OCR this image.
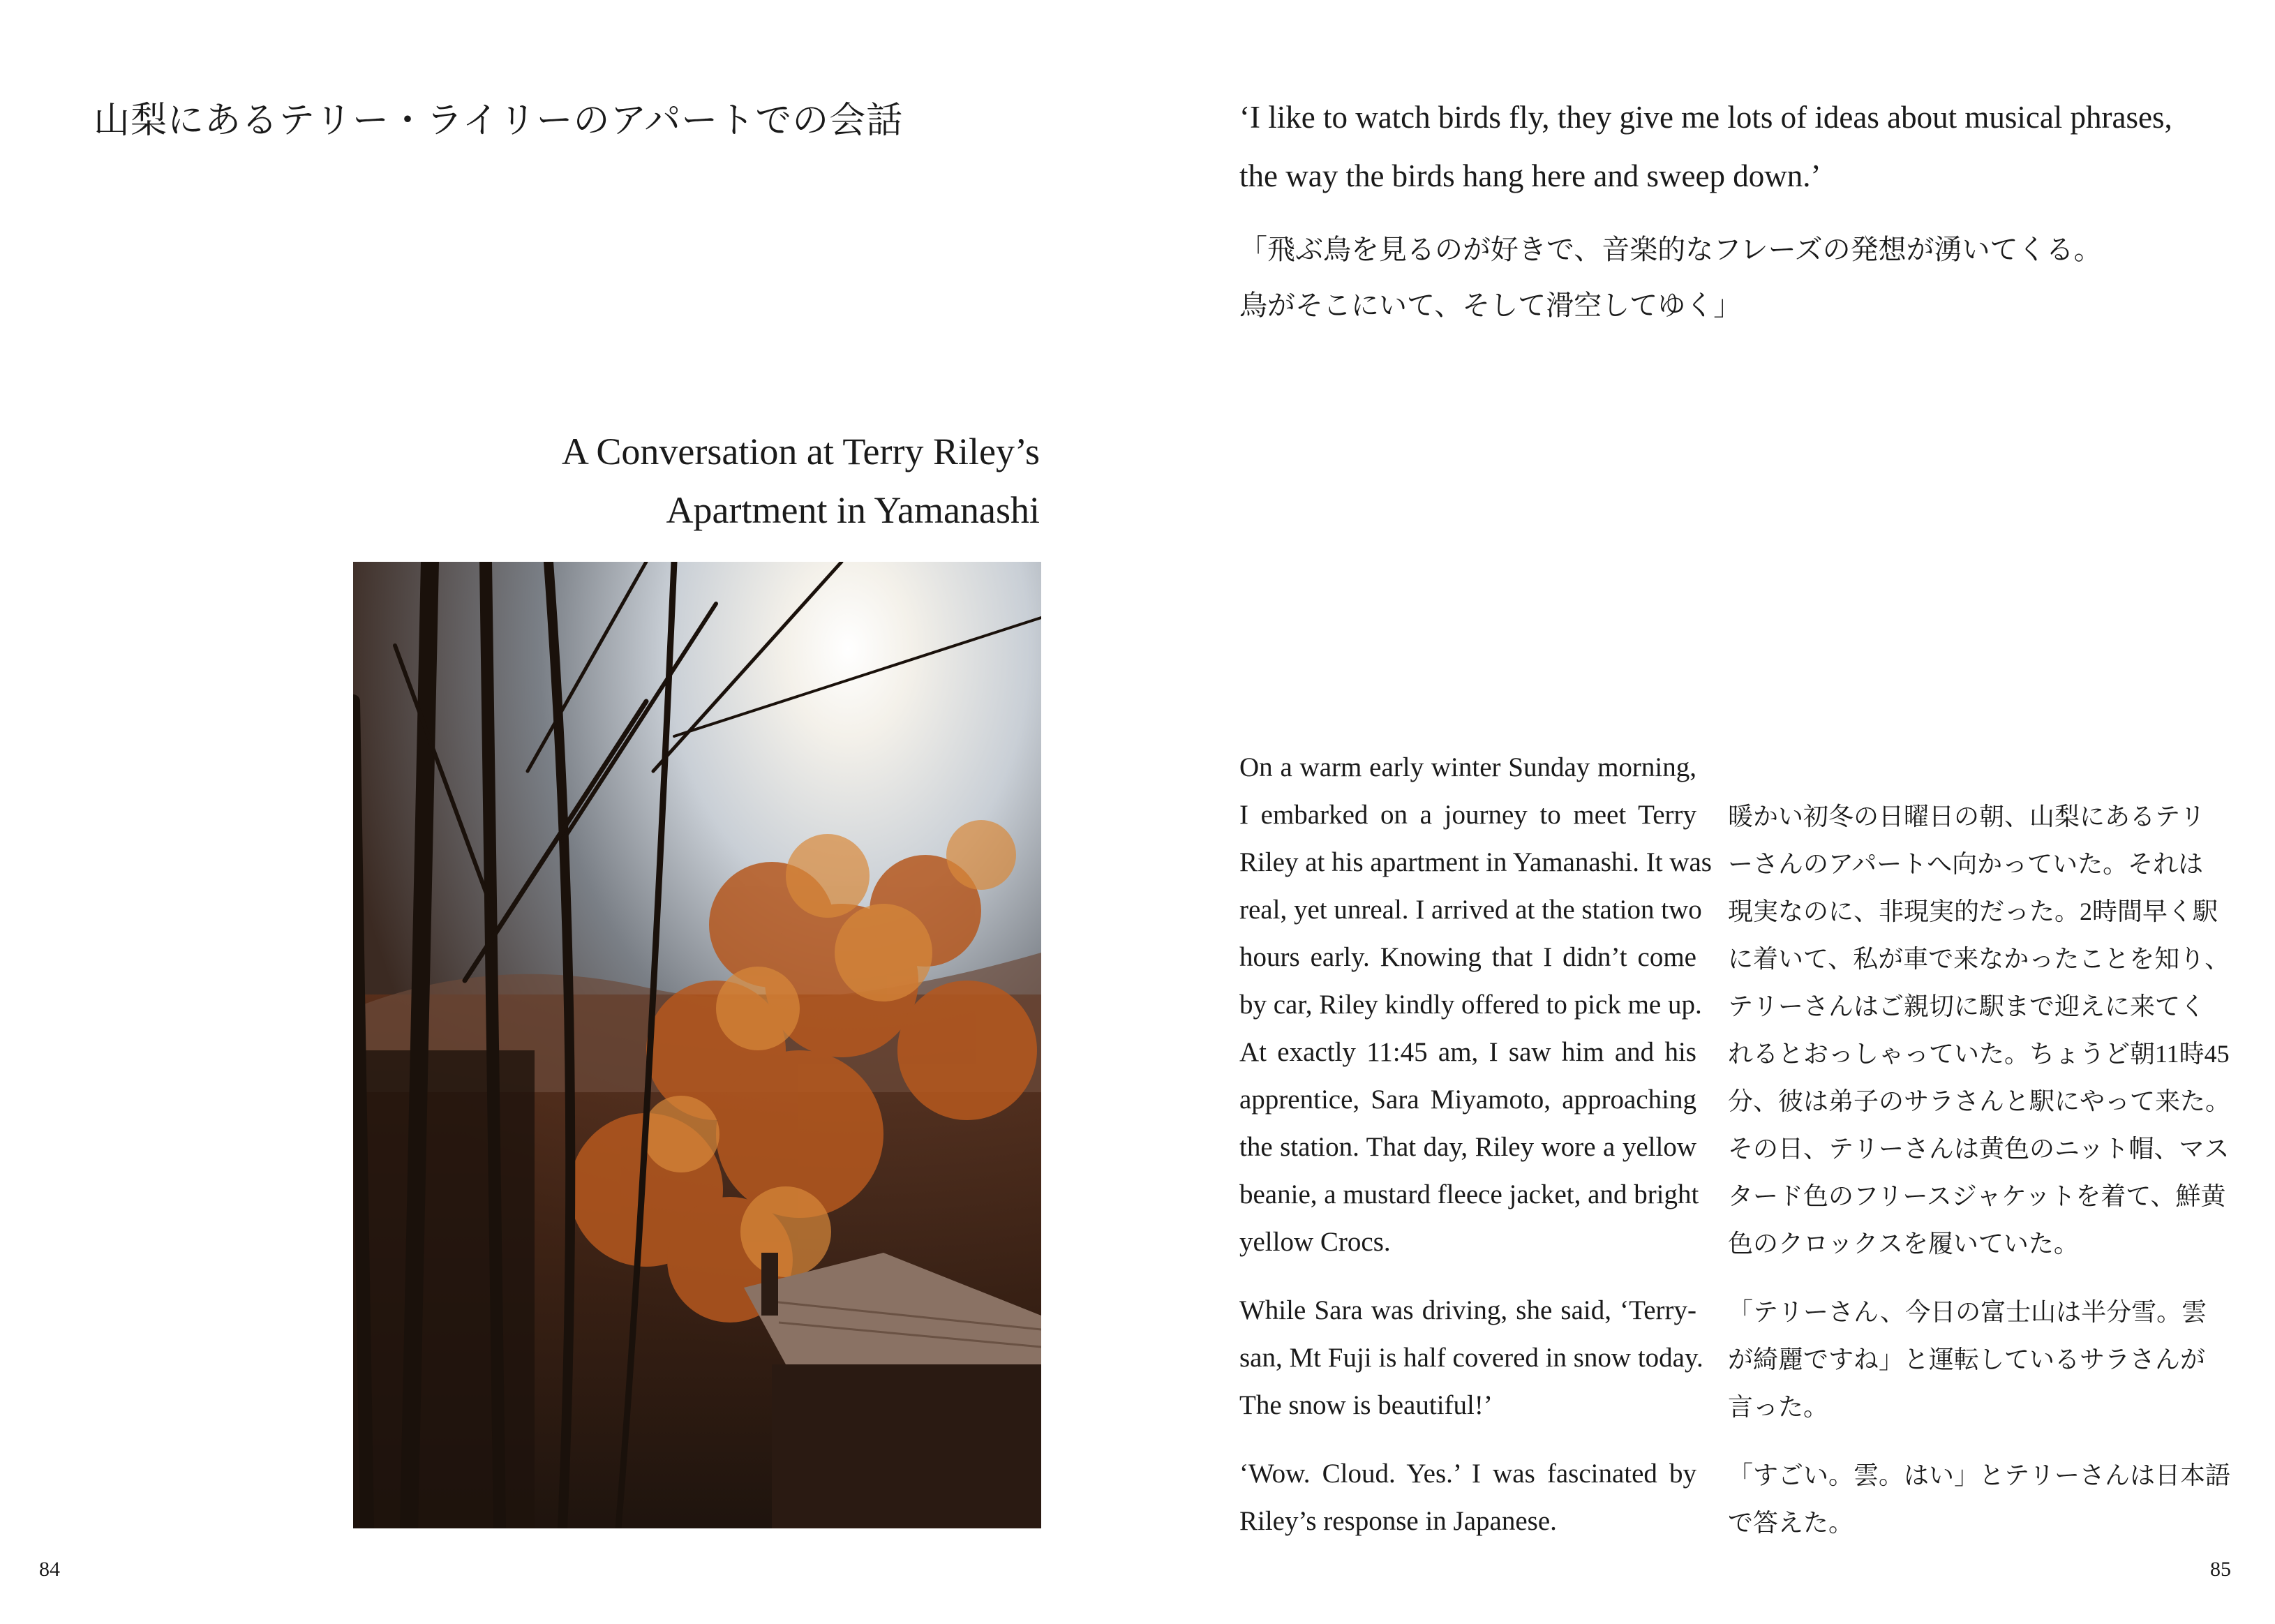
山梨にあるテリー・ライリーのアパートでの会話
A Conversation at Terry Riley’s
Apartment in Yamanashi
84
‘I like to watch birds fly, they give me lots of ideas about musical phrases,
the way the birds hang here and sweep down.’
「飛ぶ鳥を見るのが好きで、音楽的なフレーズの発想が湧いてくる。
鳥がそこにいて、そして滑空してゆく」
On a warm early winter Sunday morning,
I embarked on a journey to meet Terry
Riley at his apartment in Yamanashi. It was
real, yet unreal. I arrived at the station two
hours early. Knowing that I didn’t come
by car, Riley kindly offered to pick me up.
At exactly 11:45 am, I saw him and his
apprentice, Sara Miyamoto, approaching
the station. That day, Riley wore a yellow
beanie, a mustard fleece jacket, and bright
yellow Crocs.
While Sara was driving, she said, ‘Terry-
san, Mt Fuji is half covered in snow today.
The snow is beautiful!’
‘Wow. Cloud. Yes.’ I was fascinated by
Riley’s response in Japanese.
暖かい初冬の日曜日の朝、山梨にあるテリ
ーさんのアパートへ向かっていた。それは
現実なのに、非現実的だった。2時間早く駅
に着いて、私が車で来なかったことを知り、
テリーさんはご親切に駅まで迎えに来てく
れるとおっしゃっていた。ちょうど朝11時45
分、彼は弟子のサラさんと駅にやって来た。
その日、テリーさんは黄色のニット帽、マス
タード色のフリースジャケットを着て、鮮黄
色のクロックスを履いていた。
「テリーさん、今日の富士山は半分雪。雲
が綺麗ですね」と運転しているサラさんが
言った。
「すごい。雲。はい」とテリーさんは日本語
で答えた。
85
